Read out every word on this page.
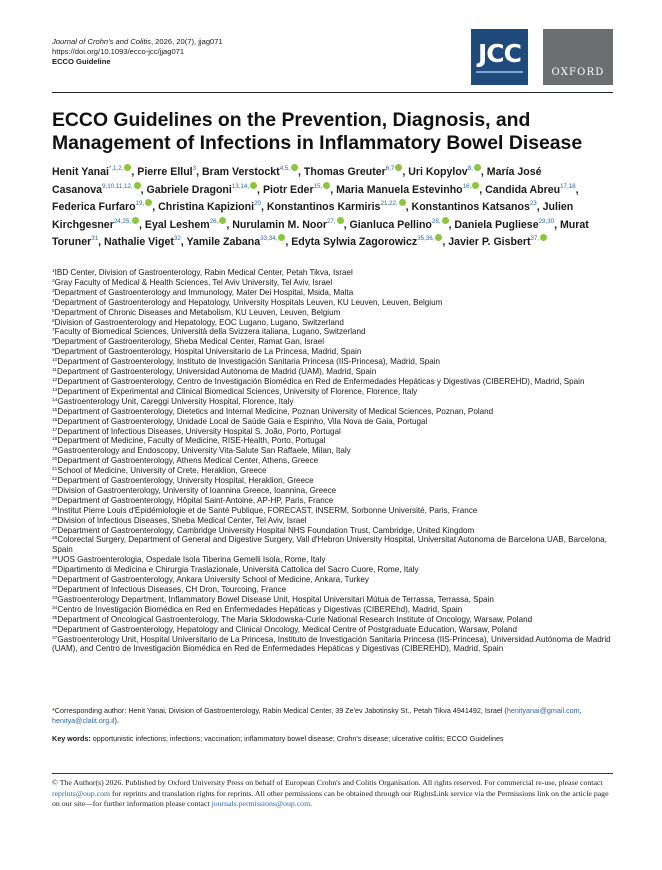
Journal of Crohn's and Colitis, 2026, 20(7), jjag071
https://doi.org/10.1093/ecco-jcc/jjag071
ECCO Guideline	JCC
OXFORD
ECCO Guidelines on the Prevention, Diagnosis, and Management of Infections in Inflammatory Bowel Disease
Henit Yanai$^{*,1,2,}$ , Pierre Ellul$^3$, Bram Verstockt$^{4,5,}$ , Thomas Greuter$^{6,7}$ , Uri Kopylov$^{8,}$ , María José Casanova$^{9,10,11,12,}$ , Gabriele Dragoni$^{13,14,}$ , Piotr Eder$^{15,}$ , Maria Manuela Estevinho$^{16,}$ , Candida Abreu$^{17,18}$, Federica Furfaro$^{19,}$ , Christina Kapizioni$^{20}$, Konstantinos Karmiris$^{21,22,}$ , Konstantinos Katsanos$^{23}$, Julien Kirchgesner$^{24,25,}$ , Eyal Leshem$^{26,}$ , Nurulamin M. Noor$^{27,}$ , Gianluca Pellino$^{28,}$ , Daniela Pugliese$^{29,30}$, Murat Toruner$^{31}$, Nathalie Viget$^{32}$, Yamile Zabana$^{33,34,}$ , Edyta Sylwia Zagorowicz$^{35,36,}$ , Javier P. Gisbert$^{37,}$
$^1$IBD Center, Division of Gastroenterology, Rabin Medical Center, Petah Tikva, Israel
$^2$Gray Faculty of Medical & Health Sciences, Tel Aviv University, Tel Aviv, Israel
$^3$Department of Gastroenterology and Immunology, Mater Dei Hospital, Msida, Malta
$^4$Department of Gastroenterology and Hepatology, University Hospitals Leuven, KU Leuven, Leuven, Belgium
$^5$Department of Chronic Diseases and Metabolism, KU Leuven, Leuven, Belgium
$^6$Division of Gastroenterology and Hepatology, EOC Lugano, Lugano, Switzerland
$^7$Faculty of Biomedical Sciences, Università della Svizzera italiana, Lugano, Switzerland
$^8$Department of Gastroenterology, Sheba Medical Center, Ramat Gan, Israel
$^9$Department of Gastroenterology, Hospital Universitario de La Princesa, Madrid, Spain
$^{10}$Department of Gastroenterology, Instituto de Investigación Sanitaria Princesa (IIS-Princesa), Madrid, Spain
$^{11}$Department of Gastroenterology, Universidad Autónoma de Madrid (UAM), Madrid, Spain
$^{12}$Department of Gastroenterology, Centro de Investigación Biomédica en Red de Enfermedades Hepáticas y Digestivas (CIBEREHD), Madrid, Spain
$^{13}$Department of Experimental and Clinical Biomedical Sciences, University of Florence, Florence, Italy
$^{14}$Gastroenterology Unit, Careggi University Hospital, Florence, Italy
$^{15}$Department of Gastroenterology, Dietetics and Internal Medicine, Poznan University of Medical Sciences, Poznan, Poland
$^{16}$Department of Gastroenterology, Unidade Local de Saúde Gaia e Espinho, Vila Nova de Gaia, Portugal
$^{17}$Department of Infectious Diseases, University Hospital S. João, Porto, Portugal
$^{18}$Department of Medicine, Faculty of Medicine, RISE-Health, Porto, Portugal
$^{19}$Gastroenterology and Endoscopy, University Vita-Salute San Raffaele, Milan, Italy
$^{20}$Department of Gastroenterology, Athens Medical Center, Athens, Greece
$^{21}$School of Medicine, University of Crete, Heraklion, Greece
$^{22}$Department of Gastroenterology, University Hospital, Heraklion, Greece
$^{23}$Division of Gastroenterology, University of Ioannina Greece, Ioannina, Greece
$^{24}$Department of Gastroenterology, Hôpital Saint-Antoine, AP-HP, Paris, France
$^{25}$Institut Pierre Louis d'Épidémiologie et de Santé Publique, FORECAST, INSERM, Sorbonne Université, Paris, France
$^{26}$Division of Infectious Diseases, Sheba Medical Center, Tel Aviv, Israel
$^{27}$Department of Gastroenterology, Cambridge University Hospital NHS Foundation Trust, Cambridge, United Kingdom
$^{28}$Colorectal Surgery, Department of General and Digestive Surgery, Vall d'Hebron University Hospital, Universitat Autonoma de Barcelona UAB, Barcelona, Spain
$^{29}$UOS Gastroenterologia, Ospedale Isola Tiberina Gemelli Isola, Rome, Italy
$^{30}$Dipartimento di Medicina e Chirurgia Traslazionale, Università Cattolica del Sacro Cuore, Rome, Italy
$^{31}$Department of Gastroenterology, Ankara University School of Medicine, Ankara, Turkey
$^{32}$Department of Infectious Diseases, CH Dron, Tourcoing, France
$^{33}$Gastroenterology Department, Inflammatory Bowel Disease Unit, Hospital Universitari Mútua de Terrassa, Terrassa, Spain
$^{34}$Centro de Investigación Biomédica en Red en Enfermedades Hepáticas y Digestivas (CIBEREhd), Madrid, Spain
$^{35}$Department of Oncological Gastroenterology, The Maria Sklodowska-Curie National Research Institute of Oncology, Warsaw, Poland
$^{36}$Department of Gastroenterology, Hepatology and Clinical Oncology, Medical Centre of Postgraduate Education, Warsaw, Poland
$^{37}$Gastroenterology Unit, Hospital Universitario de La Princesa, Instituto de Investigación Sanitaria Princesa (IIS-Princesa), Universidad Autónoma de Madrid (UAM), and Centro de Investigación Biomédica en Red de Enfermedades Hepáticas y Digestivas (CIBEREHD), Madrid, Spain
*Corresponding author: Henit Yanai, Division of Gastroenterology, Rabin Medical Center, 39 Ze'ev Jabotinsky St., Petah Tikva 4941492, Israel (henityanai@gmail.com, henitya@clalit.org.il).
Key words: opportunistic infections; infections; vaccination; inflammatory bowel disease; Crohn's disease; ulcerative colitis; ECCO Guidelines
© The Author(s) 2026. Published by Oxford University Press on behalf of European Crohn's and Colitis Organisation. All rights reserved. For commercial re-use, please contact reprints@oup.com for reprints and translation rights for reprints. All other permissions can be obtained through our RightsLink service via the Permissions link on the article page on our site—for further information please contact journals.permissions@oup.com.
